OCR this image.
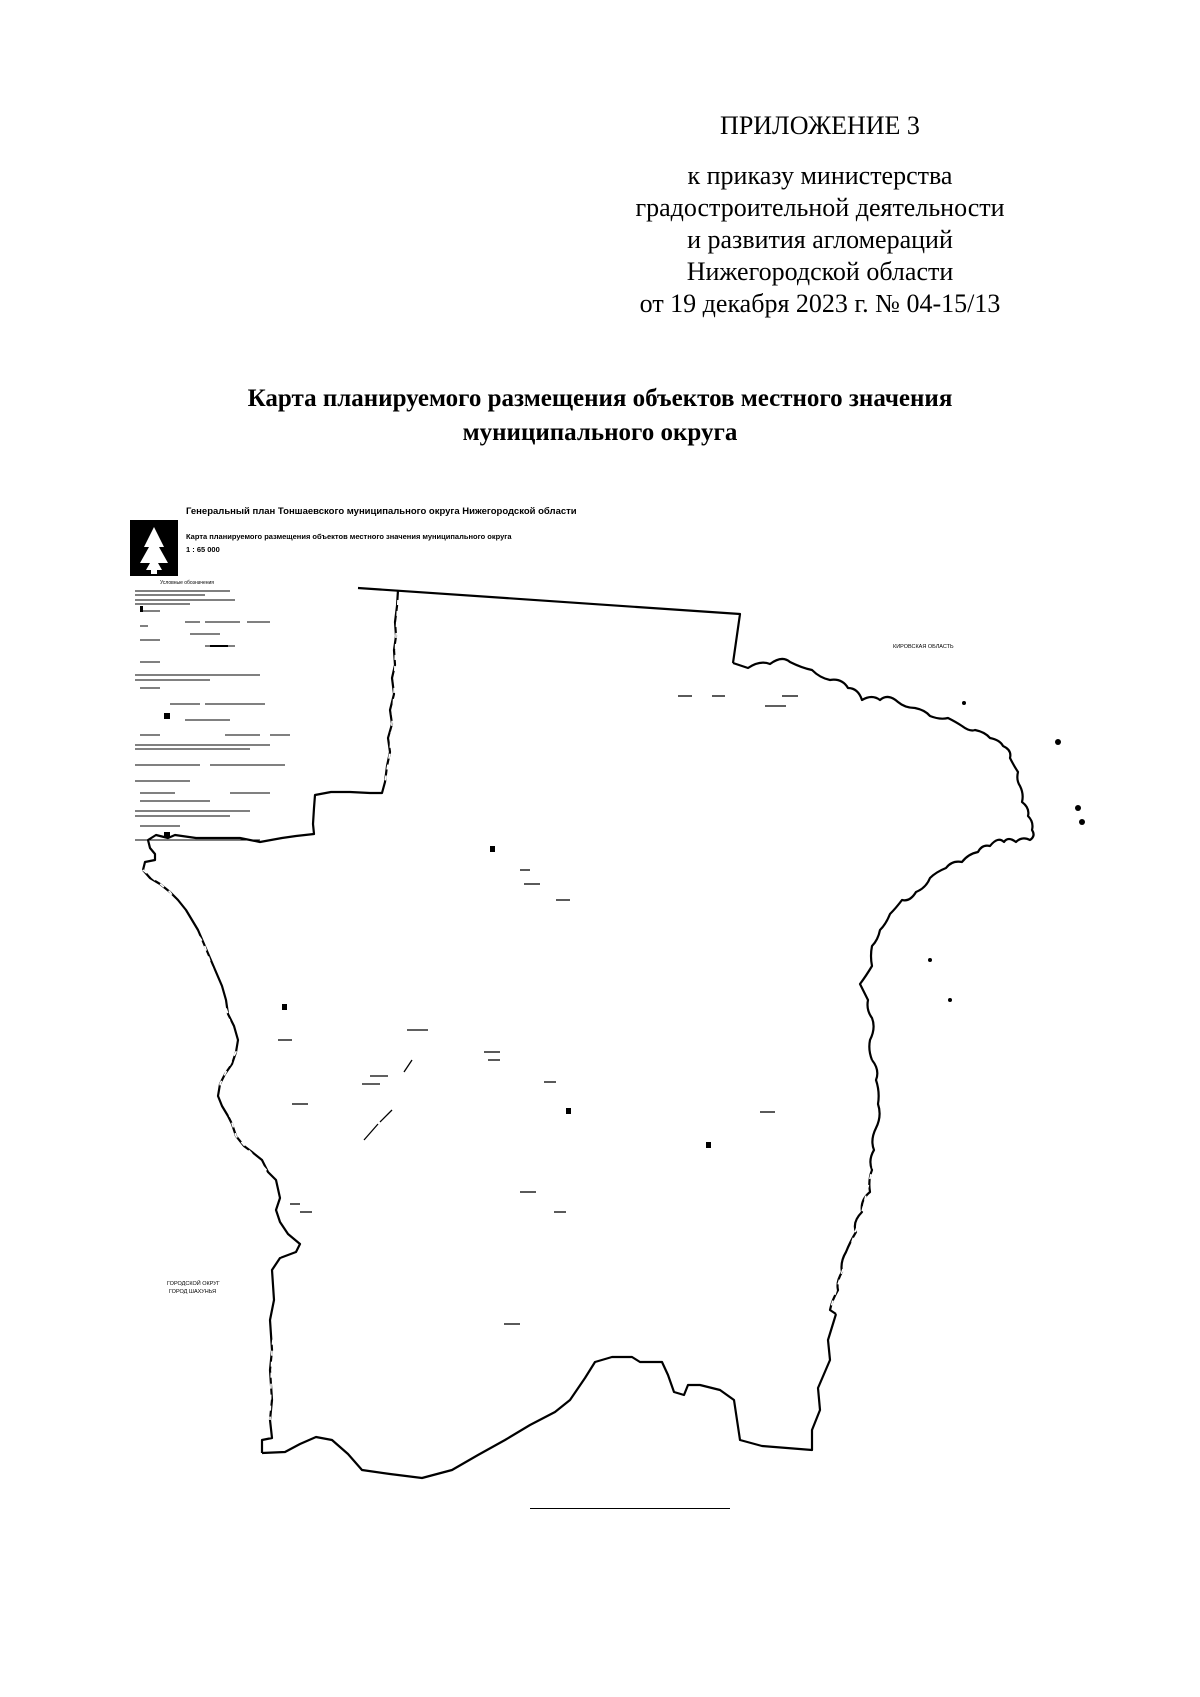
ПРИЛОЖЕНИЕ 3
к приказу министерства
градостроительной деятельности
и развития агломераций
Нижегородской области
от 19 декабря 2023 г. № 04-15/13
Карта планируемого размещения объектов местного значения
муниципального округа
Генеральный план Тоншаевского муниципального округа Нижегородской области
Карта планируемого размещения объектов местного значения муниципального округа
1 : 65 000
4
Условные обозначения
КИРОВСКАЯ ОБЛАСТЬ
ГОРОДСКОЙ ОКРУГ
ГОРОД ШАХУНЬЯ
